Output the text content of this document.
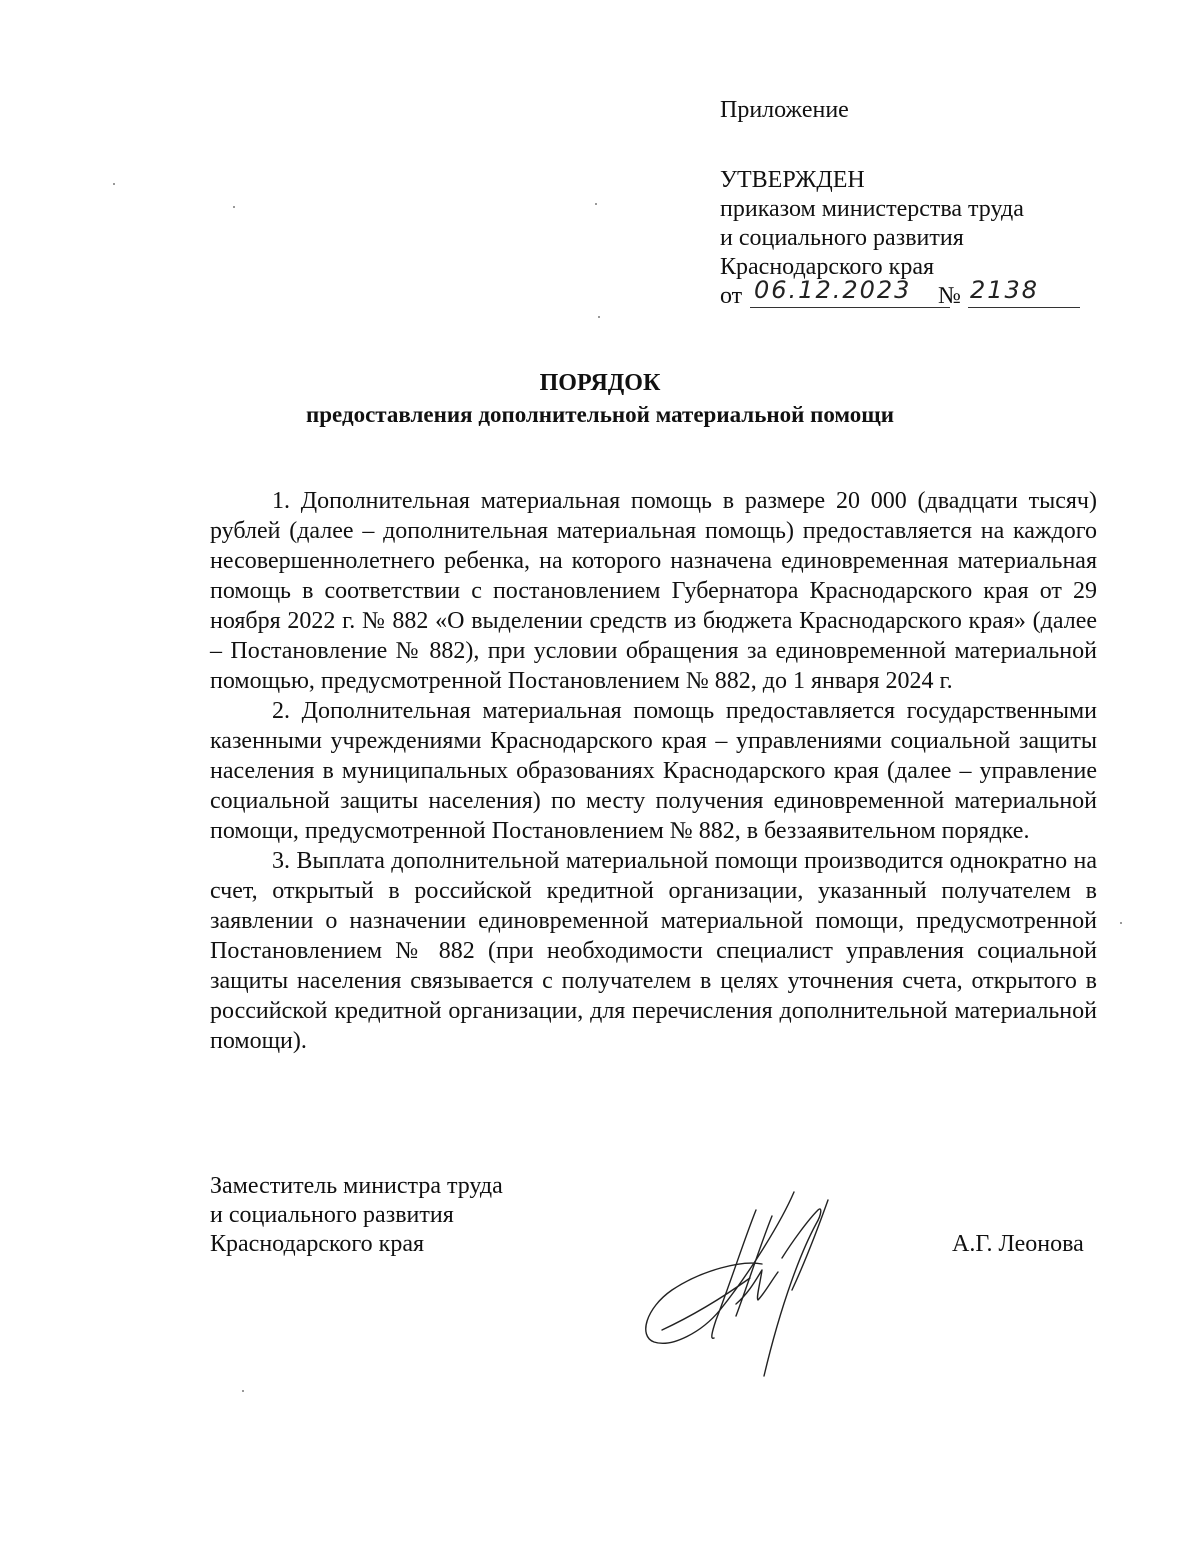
Приложение
УТВЕРЖДЕН
приказом министерства труда
и социального развития
Краснодарского края
от 06.12.2023 № 2138
ПОРЯДОК
предоставления дополнительной материальной помощи

1. Дополнительная материальная помощь в размере 20 000 (двадцати тысяч) рублей (далее – дополнительная материальная помощь) предоставляется на каждого несовершеннолетнего ребенка, на которого назначена единовременная материальная помощь в соответствии с постановлением Губернатора Краснодарского края от 29 ноября 2022 г. № 882 «О выделении средств из бюджета Краснодарского края» (далее – Постановление № 882), при условии обращения за единовременной материальной помощью, предусмотренной Постановлением № 882, до 1 января 2024 г.

2. Дополнительная материальная помощь предоставляется государственными казенными учреждениями Краснодарского края – управлениями социальной защиты населения в муниципальных образованиях Краснодарского края (далее – управление социальной защиты населения) по месту получения единовременной материальной помощи, предусмотренной Постановлением № 882, в беззаявительном порядке.

3. Выплата дополнительной материальной помощи производится однократно на счет, открытый в российской кредитной организации, указанный получателем в заявлении о назначении единовременной материальной помощи, предусмотренной Постановлением № 882 (при необходимости специалист управления социальной защиты населения связывается с получателем в целях уточнения счета, открытого в российской кредитной организации, для перечисления дополнительной материальной помощи).

Заместитель министра труда
и социального развития
Краснодарского края	А.Г. Леонова
